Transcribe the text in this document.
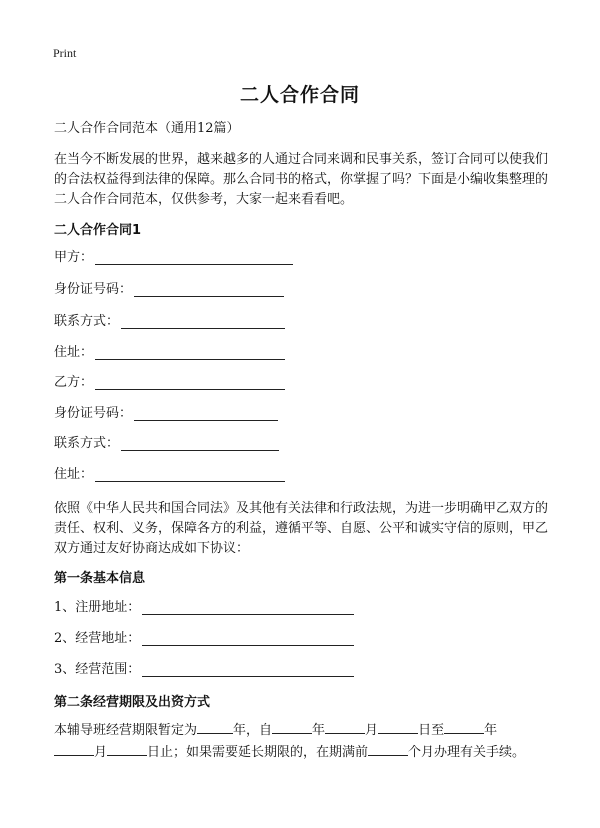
Print
二人合作合同
二人合作合同范本（通用12篇）
在当今不断发展的世界，越来越多的人通过合同来调和民事关系，签订合同可以使我们的合法权益得到法律的保障。那么合同书的格式，你掌握了吗？下面是小编收集整理的二人合作合同范本，仅供参考，大家一起来看看吧。
二人合作合同1
甲方：
身份证号码：
联系方式：
住址：
乙方：
身份证号码：
联系方式：
住址：
依照《中华人民共和国合同法》及其他有关法律和行政法规，为进一步明确甲乙双方的责任、权利、义务，保障各方的利益，遵循平等、自愿、公平和诚实守信的原则，甲乙双方通过友好协商达成如下协议：
第一条基本信息
1、注册地址：
2、经营地址：
3、经营范围：
第二条经营期限及出资方式
本辅导班经营期限暂定为	年，自	年	月	日至	年
月	日止；如果需要延长期限的，在期满前	个月办理有关手续。
